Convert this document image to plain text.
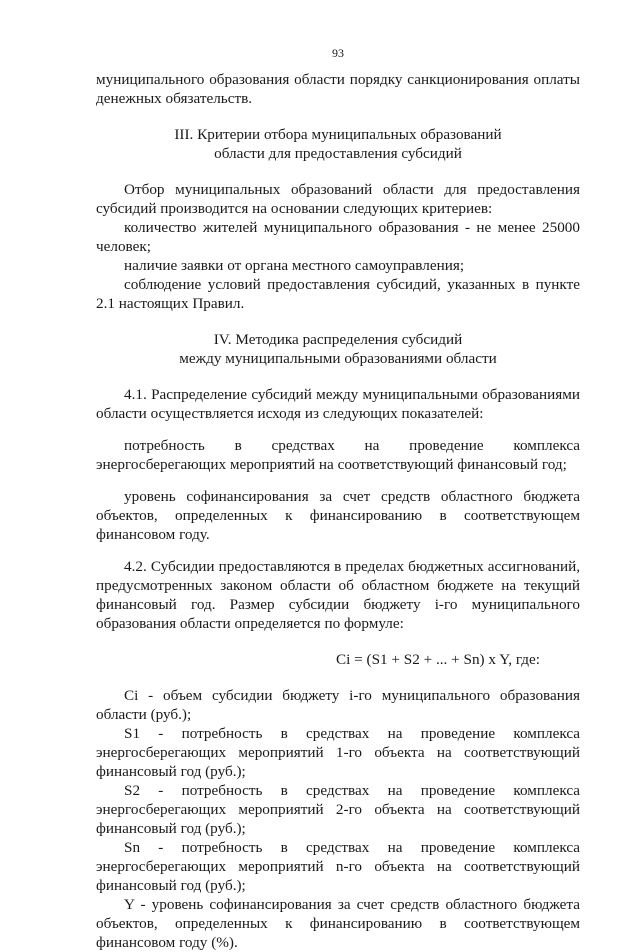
93

муниципального образования области порядку санкционирования оплаты денежных обязательств.

III. Критерии отбора муниципальных образований
области для предоставления субсидий

Отбор муниципальных образований области для предоставления субсидий производится на основании следующих критериев:

количество жителей муниципального образования - не менее 25000 человек;

наличие заявки от органа местного самоуправления;

соблюдение условий предоставления субсидий, указанных в пункте 2.1 настоящих Правил.

IV. Методика распределения субсидий
между муниципальными образованиями области

4.1. Распределение субсидий между муниципальными образованиями области осуществляется исходя из следующих показателей:

потребность в средствах на проведение комплекса энергосберегающих мероприятий на соответствующий финансовый год;

уровень софинансирования за счет средств областного бюджета объектов, определенных к финансированию в соответствующем финансовом году.

4.2. Субсидии предоставляются в пределах бюджетных ассигнований, предусмотренных законом области об областном бюджете на текущий финансовый год. Размер субсидии бюджету i-го муниципального образования области определяется по формуле:

Ci = (S1 + S2 + ... + Sn) x Y, где:

Ci - объем субсидии бюджету i-го муниципального образования области (руб.);

S1 - потребность в средствах на проведение комплекса энергосберегающих мероприятий 1-го объекта на соответствующий финансовый год (руб.);

S2 - потребность в средствах на проведение комплекса энергосберегающих мероприятий 2-го объекта на соответствующий финансовый год (руб.);

Sn - потребность в средствах на проведение комплекса энергосберегающих мероприятий n-го объекта на соответствующий финансовый год (руб.);

Y - уровень софинансирования за счет средств областного бюджета объектов, определенных к финансированию в соответствующем финансовом году (%).
